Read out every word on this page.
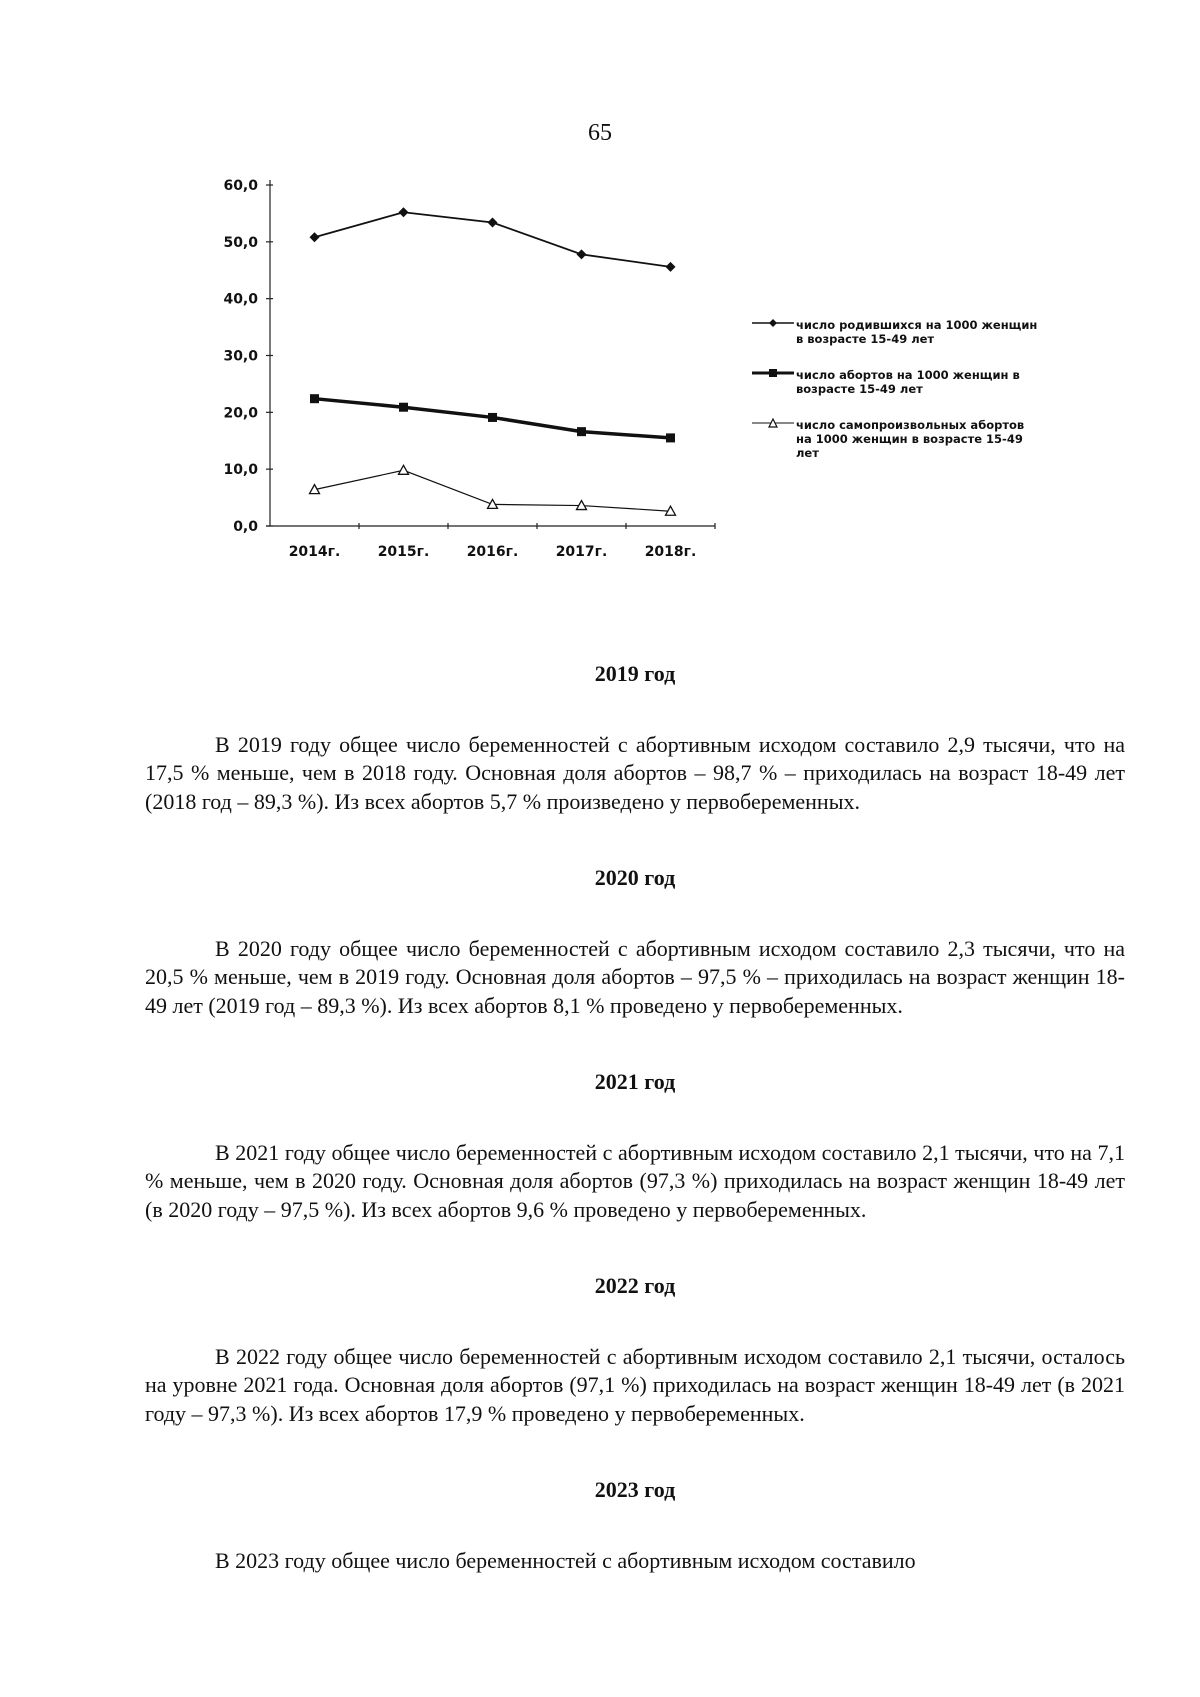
65
0,0
10,0
20,0
30,0
40,0
50,0
60,0
2014г.	2015г.	2016г.	2017г.	2018г.
число родившихся на 1000 женщин в возрасте 15-49 лет
число абортов на 1000 женщин в возрасте 15-49 лет
число самопроизвольных абортов на 1000 женщин в возрасте 15-49 лет

2019 год

В 2019 году общее число беременностей с абортивным исходом составило 2,9 тысячи, что на 17,5 % меньше, чем в 2018 году. Основная доля абортов – 98,7 % – приходилась на возраст 18-49 лет (2018 год – 89,3 %). Из всех абортов 5,7 % произведено у первобеременных.

2020 год

В 2020 году общее число беременностей с абортивным исходом составило 2,3 тысячи, что на 20,5 % меньше, чем в 2019 году. Основная доля абортов – 97,5 % – приходилась на возраст женщин 18-49 лет (2019 год – 89,3 %). Из всех абортов 8,1 % проведено у первобеременных.

2021 год

В 2021 году общее число беременностей с абортивным исходом составило 2,1 тысячи, что на 7,1 % меньше, чем в 2020 году. Основная доля абортов (97,3 %) приходилась на возраст женщин 18-49 лет (в 2020 году – 97,5 %). Из всех абортов 9,6 % проведено у первобеременных.

2022 год

В 2022 году общее число беременностей с абортивным исходом составило 2,1 тысячи, осталось на уровне 2021 года. Основная доля абортов (97,1 %) приходилась на возраст женщин 18-49 лет (в 2021 году – 97,3 %). Из всех абортов 17,9 % проведено у первобеременных.

2023 год

В 2023 году общее число беременностей с абортивным исходом составило
